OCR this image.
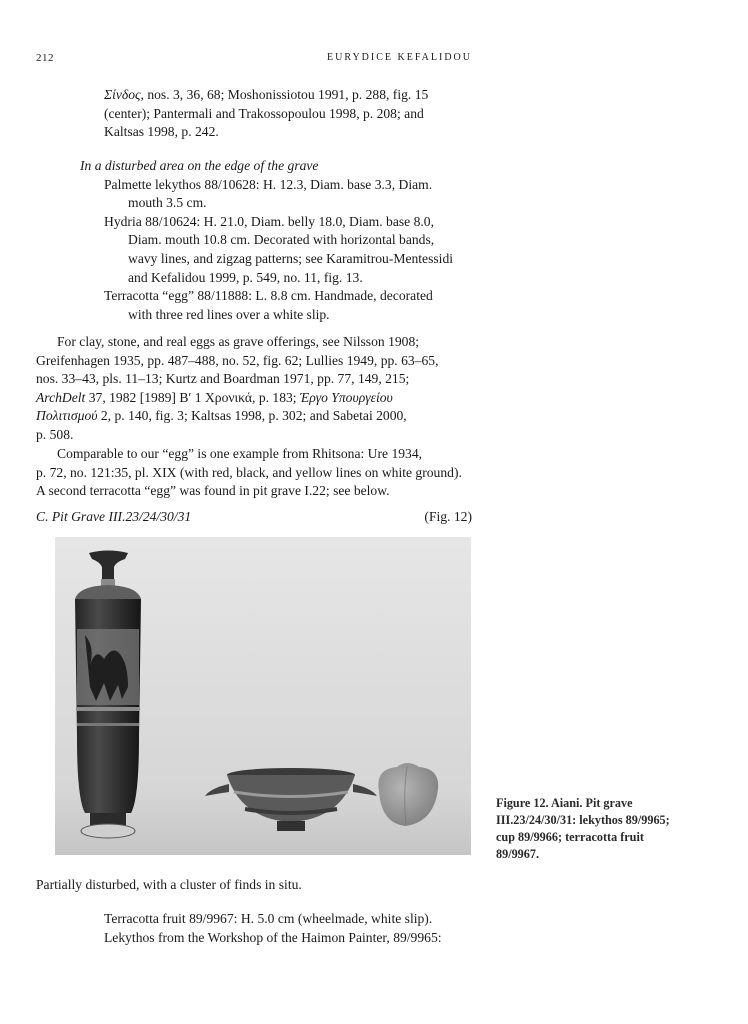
212	EURYDICE KEFALIDOU
Σίνδος, nos. 3, 36, 68; Moshonissiotou 1991, p. 288, fig. 15
(center); Pantermali and Trakossopoulou 1998, p. 208; and
Kaltsas 1998, p. 242.
In a disturbed area on the edge of the grave
Palmette lekythos 88/10628: H. 12.3, Diam. base 3.3, Diam.
mouth 3.5 cm.
Hydria 88/10624: H. 21.0, Diam. belly 18.0, Diam. base 8.0,
Diam. mouth 10.8 cm. Decorated with horizontal bands,
wavy lines, and zigzag patterns; see Karamitrou-Mentessidi
and Kefalidou 1999, p. 549, no. 11, fig. 13.
Terracotta “egg” 88/11888: L. 8.8 cm. Handmade, decorated
with three red lines over a white slip.
For clay, stone, and real eggs as grave offerings, see Nilsson 1908;
Greifenhagen 1935, pp. 487–488, no. 52, fig. 62; Lullies 1949, pp. 63–65,
nos. 33–43, pls. 11–13; Kurtz and Boardman 1971, pp. 77, 149, 215;
ArchDelt 37, 1982 [1989] Β′ 1 Χρονικά, p. 183; Έργο Υπουργείου
Πολιτισμού 2, p. 140, fig. 3; Kaltsas 1998, p. 302; and Sabetai 2000,
p. 508.
Comparable to our “egg” is one example from Rhitsona: Ure 1934,
p. 72, no. 121:35, pl. XIX (with red, black, and yellow lines on white ground).
A second terracotta “egg” was found in pit grave I.22; see below.
C. Pit Grave III.23/24/30/31	(Fig. 12)
Figure 12. Aiani. Pit grave
III.23/24/30/31: lekythos 89/9965;
cup 89/9966; terracotta fruit
89/9967.
Partially disturbed, with a cluster of finds in situ.
Terracotta fruit 89/9967: H. 5.0 cm (wheelmade, white slip).
Lekythos from the Workshop of the Haimon Painter, 89/9965:
